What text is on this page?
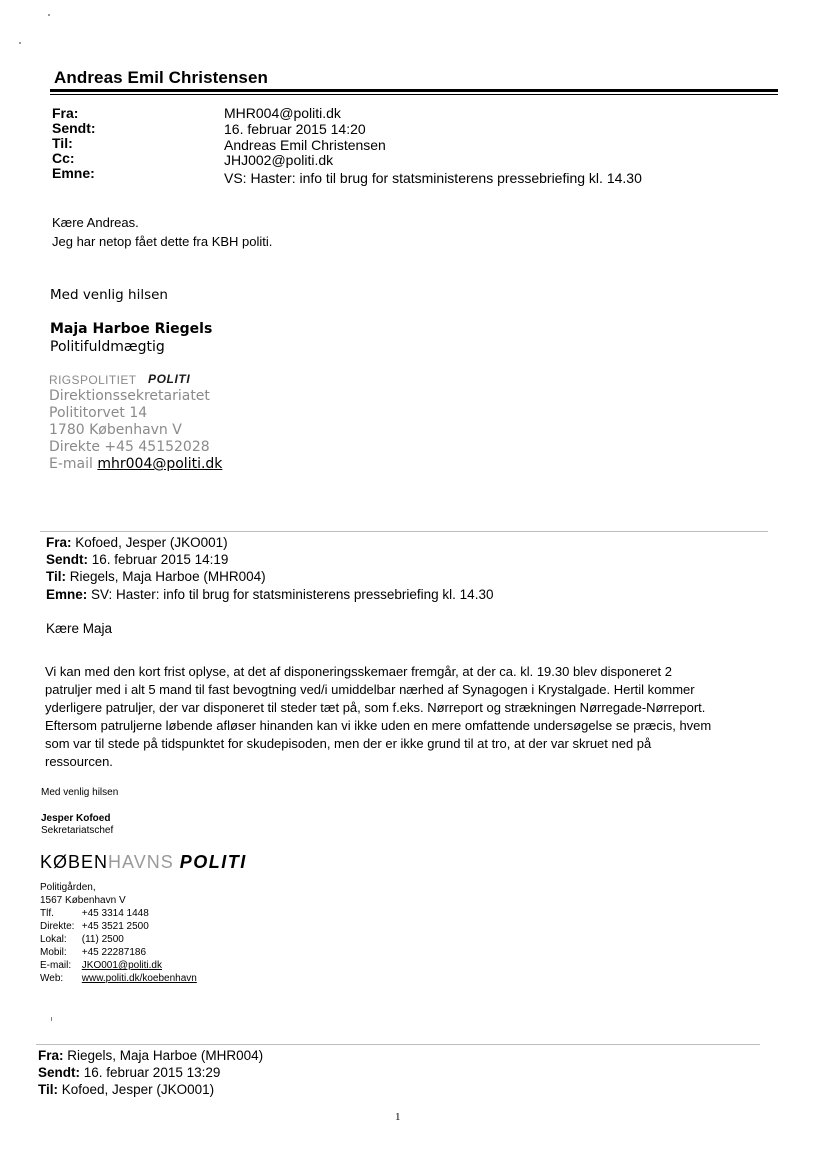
Andreas Emil Christensen
Fra:	MHR004@politi.dk
Sendt:	16. februar 2015 14:20
Til:	Andreas Emil Christensen
Cc:	JHJ002@politi.dk
Emne:	VS: Haster: info til brug for statsministerens pressebriefing kl. 14.30
Kære Andreas.
Jeg har netop fået dette fra KBH politi.
Med venlig hilsen
Maja Harboe Riegels
Politifuldmægtig
RIGSPOLITIET POLITI
Direktionssekretariatet
Polititorvet 14
1780 København V
Direkte +45 45152028
E-mail mhr004@politi.dk
Fra: Kofoed, Jesper (JKO001)
Sendt: 16. februar 2015 14:19
Til: Riegels, Maja Harboe (MHR004)
Emne: SV: Haster: info til brug for statsministerens pressebriefing kl. 14.30
Kære Maja
Vi kan med den kort frist oplyse, at det af disponeringsskemaer fremgår, at der ca. kl. 19.30 blev disponeret 2
patruljer med i alt 5 mand til fast bevogtning ved/i umiddelbar nærhed af Synagogen i Krystalgade. Hertil kommer
yderligere patruljer, der var disponeret til steder tæt på, som f.eks. Nørreport og strækningen Nørregade-Nørreport.
Eftersom patruljerne løbende afløser hinanden kan vi ikke uden en mere omfattende undersøgelse se præcis, hvem
som var til stede på tidspunktet for skudepisoden, men der er ikke grund til at tro, at der var skruet ned på
ressourcen.
Med venlig hilsen
Jesper Kofoed
Sekretariatschef
KØBENHAVNS POLITI
Politigården,
1567 København V
Tlf.	+45 3314 1448
Direkte: +45 3521 2500
Lokal: (11) 2500
Mobil: +45 22287186
E-mail: JKO001@politi.dk
Web: www.politi.dk/koebenhavn
Fra: Riegels, Maja Harboe (MHR004)
Sendt: 16. februar 2015 13:29
Til: Kofoed, Jesper (JKO001)
1
